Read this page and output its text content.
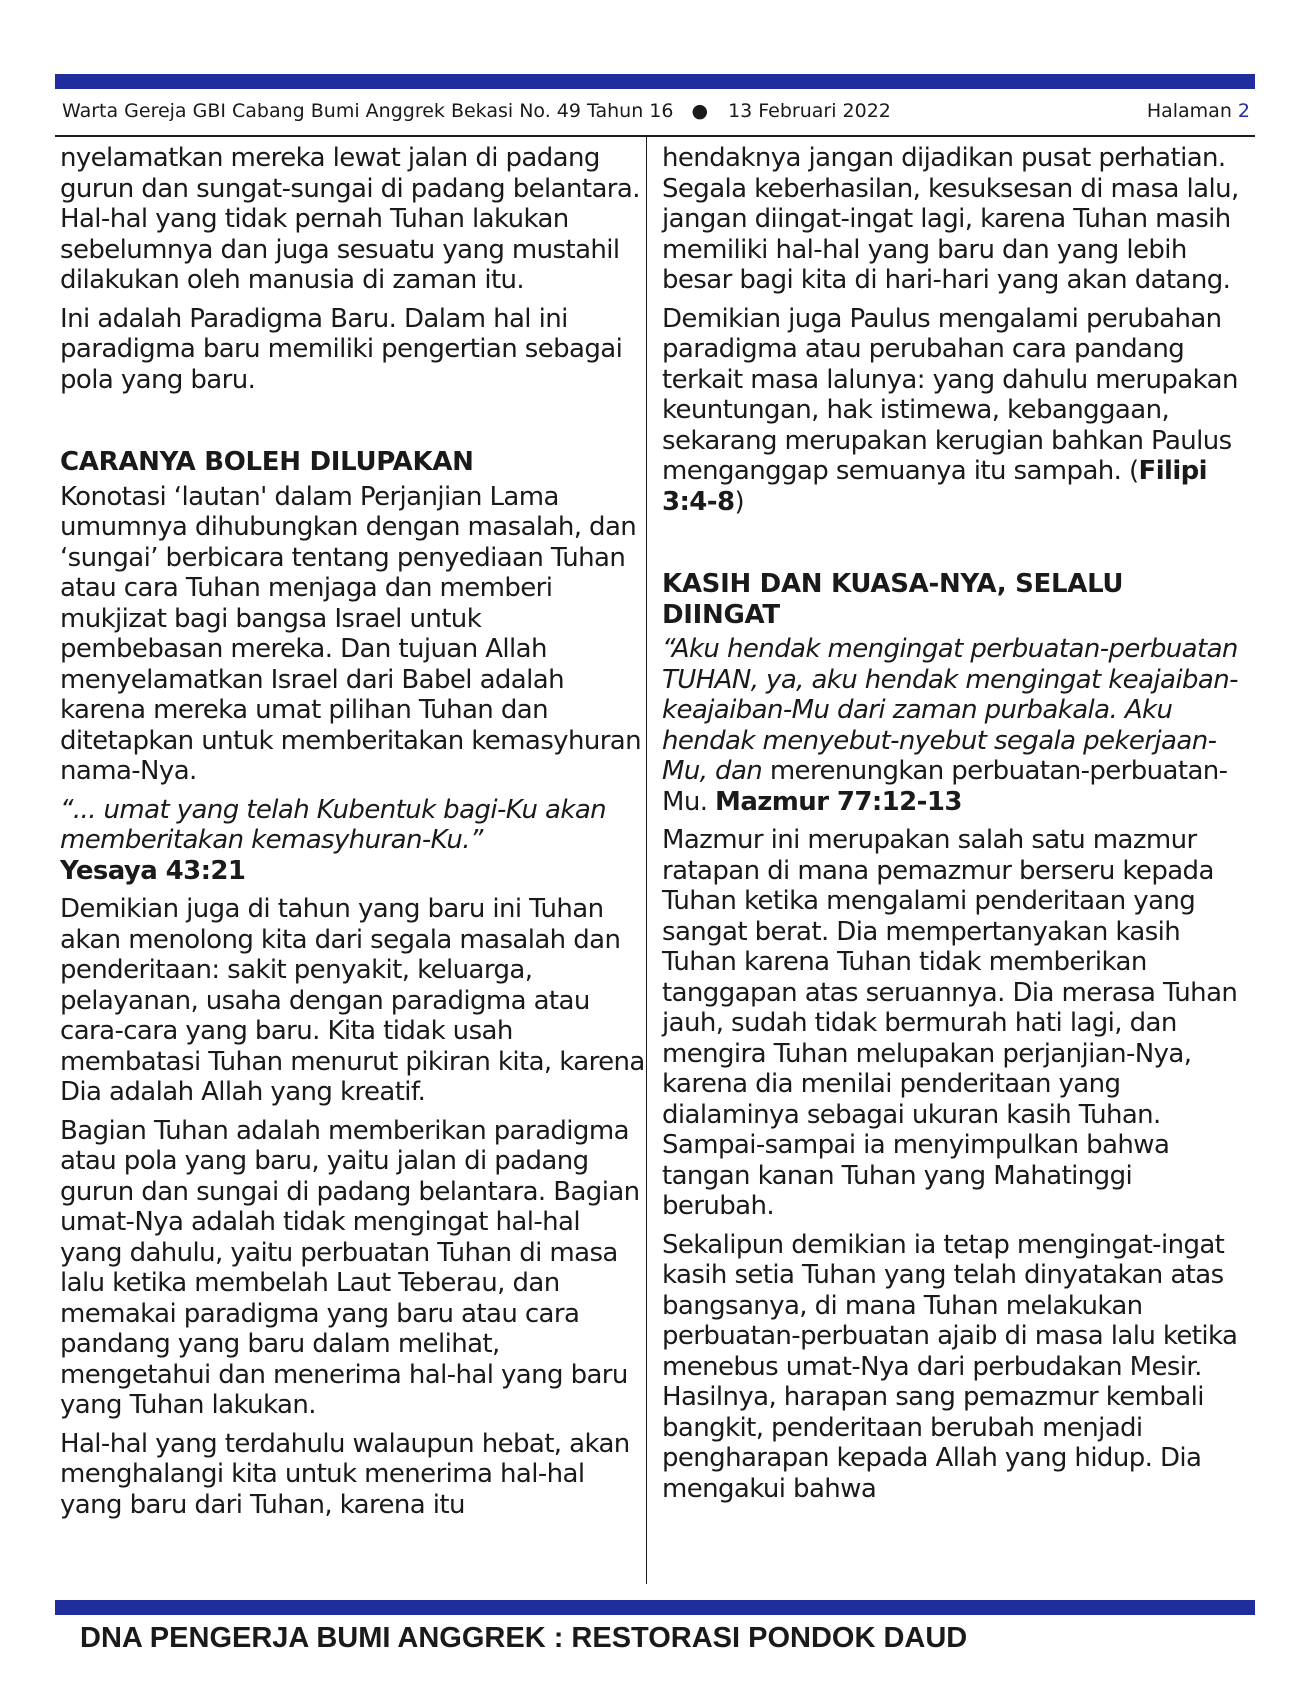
Warta Gereja GBI Cabang Bumi Anggrek Bekasi No. 49 Tahun 16 ● 13 Februari 2022	Halaman 2

nyelamatkan mereka lewat jalan di padang gurun dan sungat-sungai di padang belantara. Hal-hal yang tidak pernah Tuhan lakukan sebelumnya dan juga sesuatu yang mustahil dilakukan oleh manusia di zaman itu.

Ini adalah Paradigma Baru. Dalam hal ini paradigma baru memiliki pengertian sebagai pola yang baru.

CARANYA BOLEH DILUPAKAN

Konotasi ‘lautan' dalam Perjanjian Lama umumnya dihubungkan dengan masalah, dan ‘sungai’ berbicara tentang penyediaan Tuhan atau cara Tuhan menjaga dan memberi mukjizat bagi bangsa Israel untuk pembebasan mereka. Dan tujuan Allah menyelamatkan Israel dari Babel adalah karena mereka umat pilihan Tuhan dan ditetapkan untuk memberitakan kemasyhuran nama-Nya.

“... umat yang telah Kubentuk bagi-Ku akan memberitakan kemasyhuran-Ku.”

Yesaya 43:21

Demikian juga di tahun yang baru ini Tuhan akan menolong kita dari segala masalah dan penderitaan: sakit penyakit, keluarga, pelayanan, usaha dengan paradigma atau cara-cara yang baru. Kita tidak usah membatasi Tuhan menurut pikiran kita, karena Dia adalah Allah yang kreatif.

Bagian Tuhan adalah memberikan paradigma atau pola yang baru, yaitu jalan di padang gurun dan sungai di padang belantara. Bagian umat-Nya adalah tidak mengingat hal-hal yang dahulu, yaitu perbuatan Tuhan di masa lalu ketika membelah Laut Teberau, dan memakai paradigma yang baru atau cara pandang yang baru dalam melihat, mengetahui dan menerima hal-hal yang baru yang Tuhan lakukan.

Hal-hal yang terdahulu walaupun hebat, akan menghalangi kita untuk menerima hal-hal yang baru dari Tuhan, karena itu

hendaknya jangan dijadikan pusat perhatian. Segala keberhasilan, kesuksesan di masa lalu, jangan diingat-ingat lagi, karena Tuhan masih memiliki hal-hal yang baru dan yang lebih besar bagi kita di hari-hari yang akan datang.

Demikian juga Paulus mengalami perubahan paradigma atau perubahan cara pandang terkait masa lalunya: yang dahulu merupakan keuntungan, hak istimewa, kebanggaan, sekarang merupakan kerugian bahkan Paulus menganggap semuanya itu sampah. (Filipi 3:4-8)

KASIH DAN KUASA-NYA, SELALU DIINGAT

“Aku hendak mengingat perbuatan-perbuatan TUHAN, ya, aku hendak mengingat keajaiban-keajaiban-Mu dari zaman purbakala. Aku hendak menyebut-nyebut segala pekerjaan-Mu, dan merenungkan perbuatan-perbuatan-Mu. Mazmur 77:12-13

Mazmur ini merupakan salah satu mazmur ratapan di mana pemazmur berseru kepada Tuhan ketika mengalami penderitaan yang sangat berat. Dia mempertanyakan kasih Tuhan karena Tuhan tidak memberikan tanggapan atas seruannya. Dia merasa Tuhan jauh, sudah tidak bermurah hati lagi, dan mengira Tuhan melupakan perjanjian-Nya, karena dia menilai penderitaan yang dialaminya sebagai ukuran kasih Tuhan. Sampai-sampai ia menyimpulkan bahwa tangan kanan Tuhan yang Mahatinggi berubah.

Sekalipun demikian ia tetap mengingat-ingat kasih setia Tuhan yang telah dinyatakan atas bangsanya, di mana Tuhan melakukan perbuatan-perbuatan ajaib di masa lalu ketika menebus umat-Nya dari perbudakan Mesir. Hasilnya, harapan sang pemazmur kembali bangkit, penderitaan berubah menjadi pengharapan kepada Allah yang hidup. Dia mengakui bahwa

DNA PENGERJA BUMI ANGGREK : RESTORASI PONDOK DAUD
